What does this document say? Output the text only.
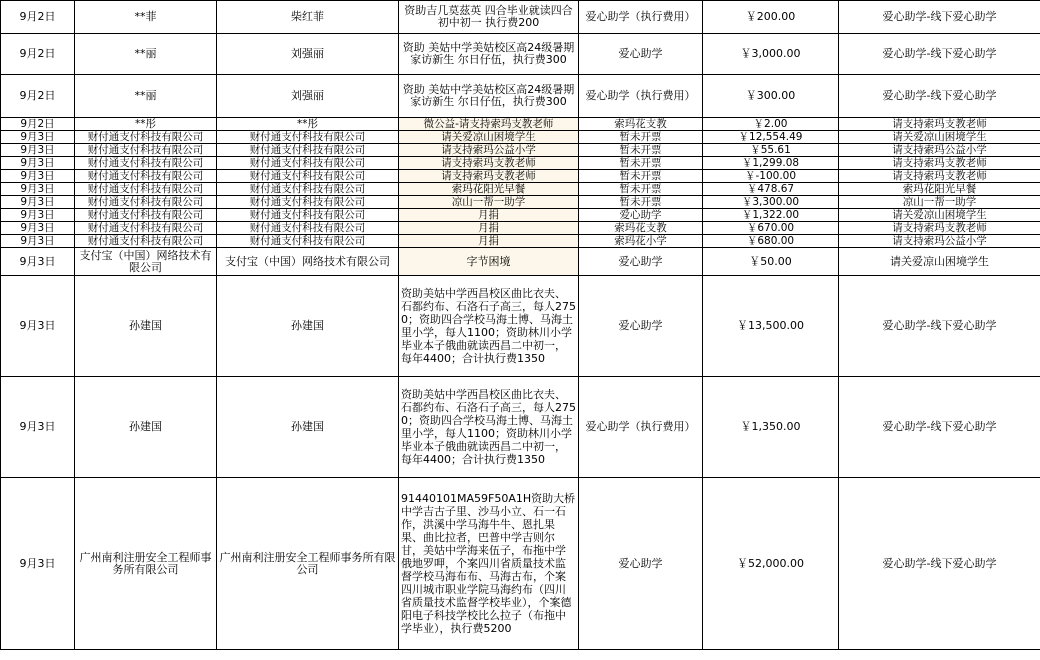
9月2日	**菲	柴红菲	资助吉几莫茲英 四合毕业就读四合初中初一 执行费200	爱心助学（执行费用）	￥200.00	爱心助学-线下爱心助学
9月2日	**丽	刘强丽	资助 美姑中学美姑校区高24级暑期家访新生 尔日仔伍，执行费300	爱心助学	￥3,000.00	爱心助学-线下爱心助学
9月2日	**丽	刘强丽	资助 美姑中学美姑校区高24级暑期家访新生 尔日仔伍，执行费300	爱心助学（执行费用）	￥300.00	爱心助学-线下爱心助学
9月2日	**彤	**彤	微公益-请支持索玛支教老师	索玛花支教	￥2.00	请支持索玛支教老师
9月3日	财付通支付科技有限公司	财付通支付科技有限公司	请关爱凉山困境学生	暂未开票	￥12,554.49	请关爱凉山困境学生
9月3日	财付通支付科技有限公司	财付通支付科技有限公司	请支持索玛公益小学	暂未开票	￥55.61	请支持索玛公益小学
9月3日	财付通支付科技有限公司	财付通支付科技有限公司	请支持索玛支教老师	暂未开票	￥1,299.08	请支持索玛支教老师
9月3日	财付通支付科技有限公司	财付通支付科技有限公司	请支持索玛支教老师	暂未开票	￥-100.00	请支持索玛支教老师
9月3日	财付通支付科技有限公司	财付通支付科技有限公司	索玛花阳光早餐	暂未开票	￥478.67	索玛花阳光早餐
9月3日	财付通支付科技有限公司	财付通支付科技有限公司	凉山一帮一助学	暂未开票	￥3,300.00	凉山一帮一助学
9月3日	财付通支付科技有限公司	财付通支付科技有限公司	月捐	爱心助学	￥1,322.00	请关爱凉山困境学生
9月3日	财付通支付科技有限公司	财付通支付科技有限公司	月捐	索玛花支教	￥670.00	请支持索玛支教老师
9月3日	财付通支付科技有限公司	财付通支付科技有限公司	月捐	索玛花小学	￥680.00	请支持索玛公益小学
9月3日	支付宝（中国）网络技术有限公司	支付宝（中国）网络技术有限公司	字节困境	爱心助学	￥50.00	请关爱凉山困境学生
9月3日	孙建国	孙建国	资助美姑中学西昌校区曲比衣夫、石都约布、石洛石子高三，每人2750；资助四合学校马海土博、马海土里小学，每人1100；资助林川小学毕业本子俄曲就读西昌二中初一，每年4400；合计执行费1350	爱心助学	￥13,500.00	爱心助学-线下爱心助学
9月3日	孙建国	孙建国	资助美姑中学西昌校区曲比衣夫、石都约布、石洛石子高三，每人2750；资助四合学校马海土博、马海土里小学，每人1100；资助林川小学毕业本子俄曲就读西昌二中初一，每年4400；合计执行费1350	爱心助学（执行费用）	￥1,350.00	爱心助学-线下爱心助学
9月3日	广州南利注册安全工程师事务所有限公司	广州南利注册安全工程师事务所有限公司	91440101MA59F50A1H资助大桥中学吉古子里、沙马小立、石一石作，洪溪中学马海牛牛、恩扎果果、曲比拉者，巴普中学吉则尔甘，美姑中学海来伍子，布拖中学俄地罗呷，个案四川省质量技术监督学校马海布布、马海古布，个案四川城市职业学院马海约布（四川省质量技术监督学校毕业），个案德阳电子科技学校比么拉子（布拖中学毕业），执行费5200	爱心助学	￥52,000.00	爱心助学-线下爱心助学
